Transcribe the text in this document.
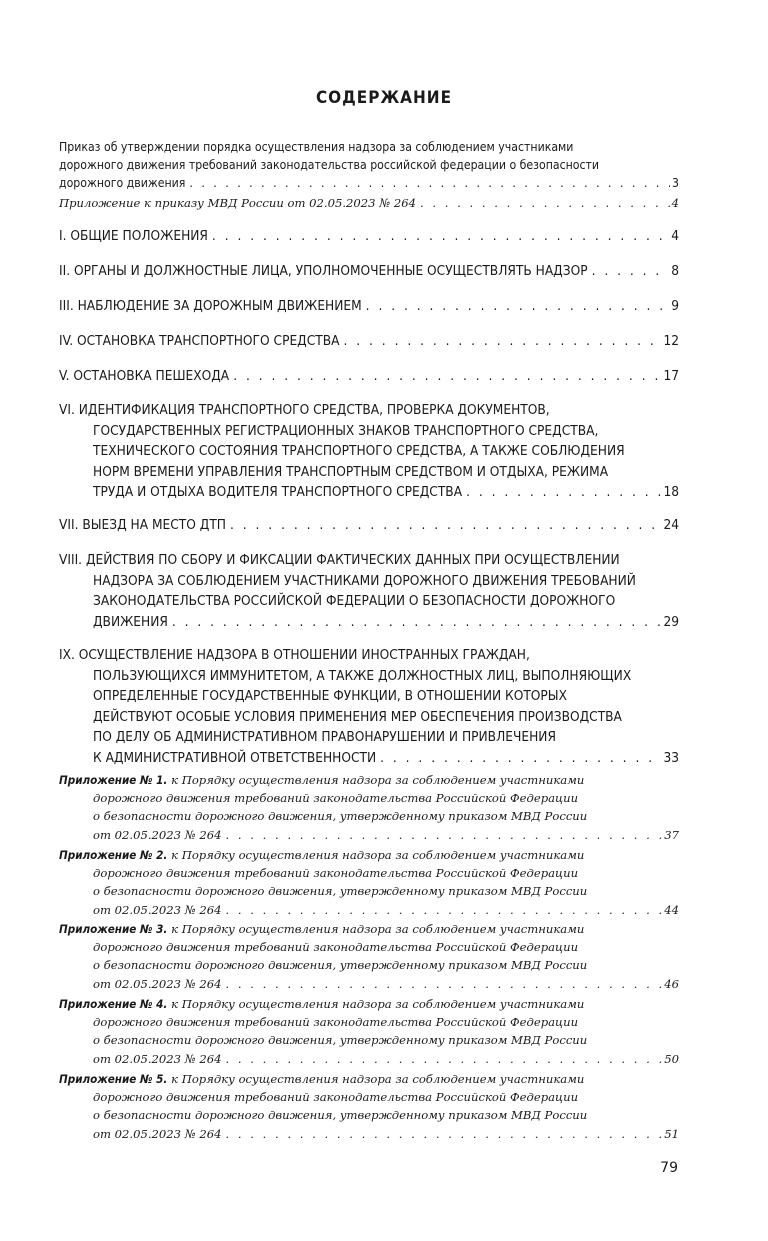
СОДЕРЖАНИЕ
Приказ об утверждении порядка осуществления надзора за соблюдением участниками
дорожного движения требований законодательства российской федерации о безопасности
дорожного движения . . .	3
Приложение к приказу МВД России от 02.05.2023 № 264 . . .	4
I. ОБЩИЕ ПОЛОЖЕНИЯ . . .	4
II. ОРГАНЫ И ДОЛЖНОСТНЫЕ ЛИЦА, УПОЛНОМОЧЕННЫЕ ОСУЩЕСТВЛЯТЬ НАДЗОР . . .	8
III. НАБЛЮДЕНИЕ ЗА ДОРОЖНЫМ ДВИЖЕНИЕМ . . .	9
IV. ОСТАНОВКА ТРАНСПОРТНОГО СРЕДСТВА . . .	12
V. ОСТАНОВКА ПЕШЕХОДА . . .	17
VI. ИДЕНТИФИКАЦИЯ ТРАНСПОРТНОГО СРЕДСТВА, ПРОВЕРКА ДОКУМЕНТОВ,
ГОСУДАРСТВЕННЫХ РЕГИСТРАЦИОННЫХ ЗНАКОВ ТРАНСПОРТНОГО СРЕДСТВА,
ТЕХНИЧЕСКОГО СОСТОЯНИЯ ТРАНСПОРТНОГО СРЕДСТВА, А ТАКЖЕ СОБЛЮДЕНИЯ
НОРМ ВРЕМЕНИ УПРАВЛЕНИЯ ТРАНСПОРТНЫМ СРЕДСТВОМ И ОТДЫХА, РЕЖИМА
ТРУДА И ОТДЫХА ВОДИТЕЛЯ ТРАНСПОРТНОГО СРЕДСТВА . . .	18
VII. ВЫЕЗД НА МЕСТО ДТП . . .	24
VIII. ДЕЙСТВИЯ ПО СБОРУ И ФИКСАЦИИ ФАКТИЧЕСКИХ ДАННЫХ ПРИ ОСУЩЕСТВЛЕНИИ
НАДЗОРА ЗА СОБЛЮДЕНИЕМ УЧАСТНИКАМИ ДОРОЖНОГО ДВИЖЕНИЯ ТРЕБОВАНИЙ
ЗАКОНОДАТЕЛЬСТВА РОССИЙСКОЙ ФЕДЕРАЦИИ О БЕЗОПАСНОСТИ ДОРОЖНОГО
ДВИЖЕНИЯ . . .	29
IX. ОСУЩЕСТВЛЕНИЕ НАДЗОРА В ОТНОШЕНИИ ИНОСТРАННЫХ ГРАЖДАН,
ПОЛЬЗУЮЩИХСЯ ИММУНИТЕТОМ, А ТАКЖЕ ДОЛЖНОСТНЫХ ЛИЦ, ВЫПОЛНЯЮЩИХ
ОПРЕДЕЛЕННЫЕ ГОСУДАРСТВЕННЫЕ ФУНКЦИИ, В ОТНОШЕНИИ КОТОРЫХ
ДЕЙСТВУЮТ ОСОБЫЕ УСЛОВИЯ ПРИМЕНЕНИЯ МЕР ОБЕСПЕЧЕНИЯ ПРОИЗВОДСТВА
ПО ДЕЛУ ОБ АДМИНИСТРАТИВНОМ ПРАВОНАРУШЕНИИ И ПРИВЛЕЧЕНИЯ
К АДМИНИСТРАТИВНОЙ ОТВЕТСТВЕННОСТИ . . .	33
Приложение № 1. к Порядку осуществления надзора за соблюдением участниками
дорожного движения требований законодательства Российской Федерации
о безопасности дорожного движения, утвержденному приказом МВД России
от 02.05.2023 № 264 . . .	37
Приложение № 2. к Порядку осуществления надзора за соблюдением участниками
дорожного движения требований законодательства Российской Федерации
о безопасности дорожного движения, утвержденному приказом МВД России
от 02.05.2023 № 264 . . .	44
Приложение № 3. к Порядку осуществления надзора за соблюдением участниками
дорожного движения требований законодательства Российской Федерации
о безопасности дорожного движения, утвержденному приказом МВД России
от 02.05.2023 № 264 . . .	46
Приложение № 4. к Порядку осуществления надзора за соблюдением участниками
дорожного движения требований законодательства Российской Федерации
о безопасности дорожного движения, утвержденному приказом МВД России
от 02.05.2023 № 264 . . .	50
Приложение № 5. к Порядку осуществления надзора за соблюдением участниками
дорожного движения требований законодательства Российской Федерации
о безопасности дорожного движения, утвержденному приказом МВД России
от 02.05.2023 № 264 . . .	51
79
